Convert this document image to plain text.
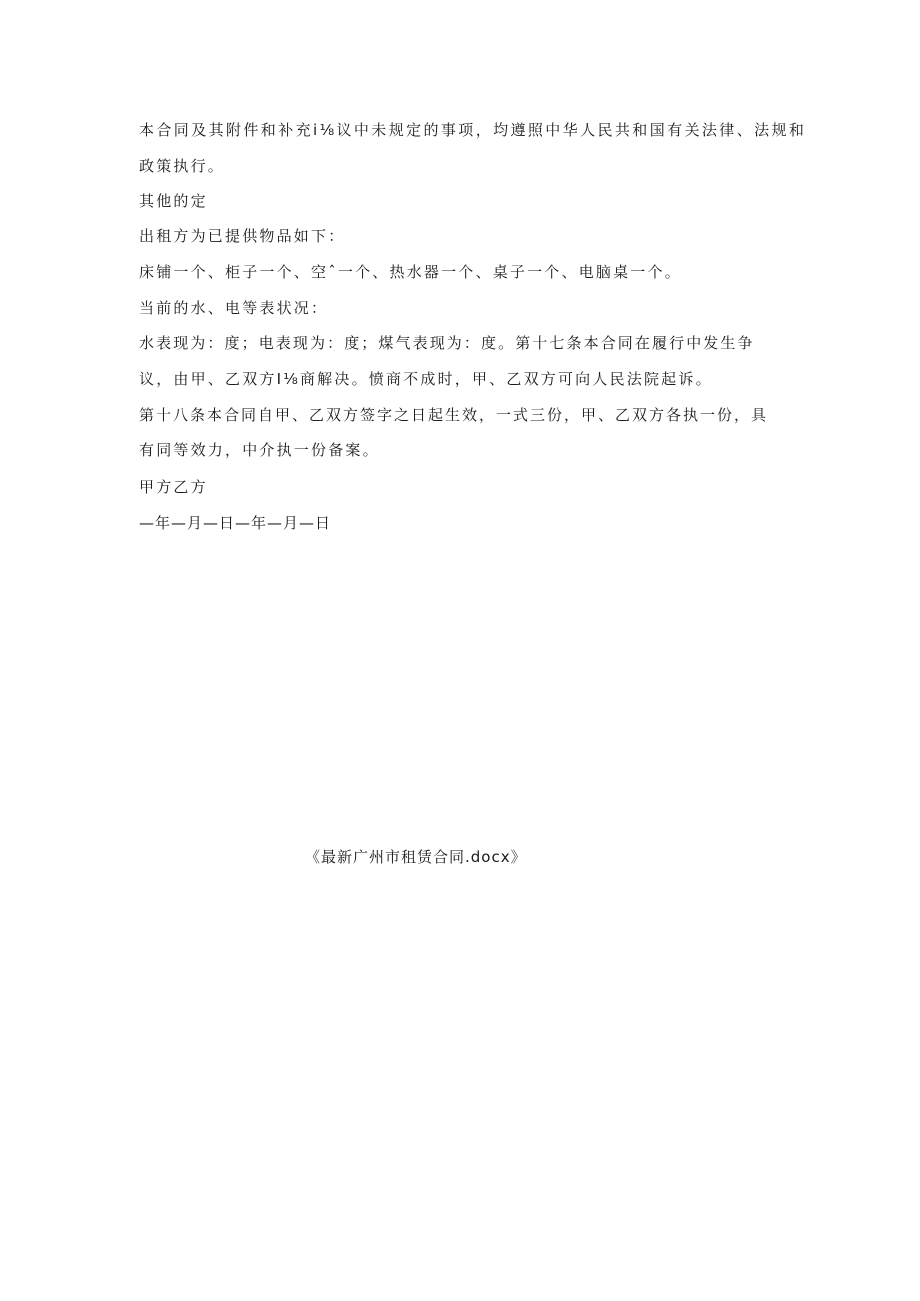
本合同及其附件和补充i⅛议中未规定的事项，均遵照中华人民共和国有关法律、法规和
政策执行。
其他的定
出租方为已提供物品如下：
床铺一个、柜子一个、空ˆ一个、热水器一个、桌子一个、电脑桌一个。
当前的水、电等表状况：
水表现为：度；电表现为：度；煤气表现为：度。第十七条本合同在履行中发生争
议，由甲、乙双方I⅛商解决。愤商不成时，甲、乙双方可向人民法院起诉。
第十八条本合同自甲、乙双方签字之日起生效，一式三份，甲、乙双方各执一份，具
有同等效力，中介执一份备案。
甲方乙方
—年—月—日—年—月—日
《最新广州市租赁合同.docx》
